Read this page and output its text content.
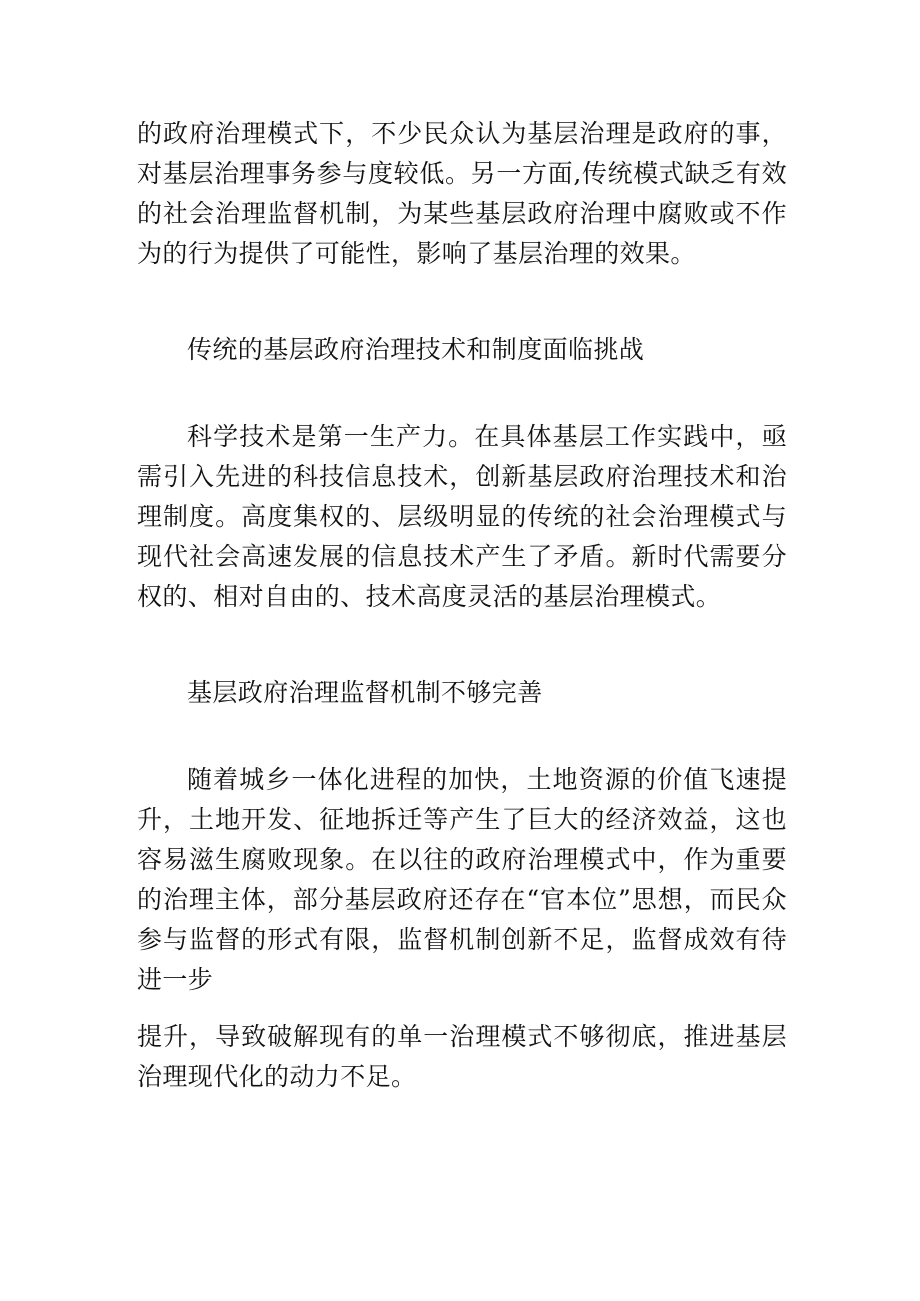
的政府治理模式下，不少民众认为基层治理是政府的事，对基层治理事务参与度较低。另一方面,传统模式缺乏有效的社会治理监督机制，为某些基层政府治理中腐败或不作为的行为提供了可能性，影响了基层治理的效果。

传统的基层政府治理技术和制度面临挑战

科学技术是第一生产力。在具体基层工作实践中，亟需引入先进的科技信息技术，创新基层政府治理技术和治理制度。高度集权的、层级明显的传统的社会治理模式与现代社会高速发展的信息技术产生了矛盾。新时代需要分权的、相对自由的、技术高度灵活的基层治理模式。

基层政府治理监督机制不够完善

随着城乡一体化进程的加快，土地资源的价值飞速提升，土地开发、征地拆迁等产生了巨大的经济效益，这也容易滋生腐败现象。在以往的政府治理模式中，作为重要的治理主体，部分基层政府还存在“官本位”思想，而民众参与监督的形式有限，监督机制创新不足，监督成效有待进一步

提升，导致破解现有的单一治理模式不够彻底，推进基层治理现代化的动力不足。
